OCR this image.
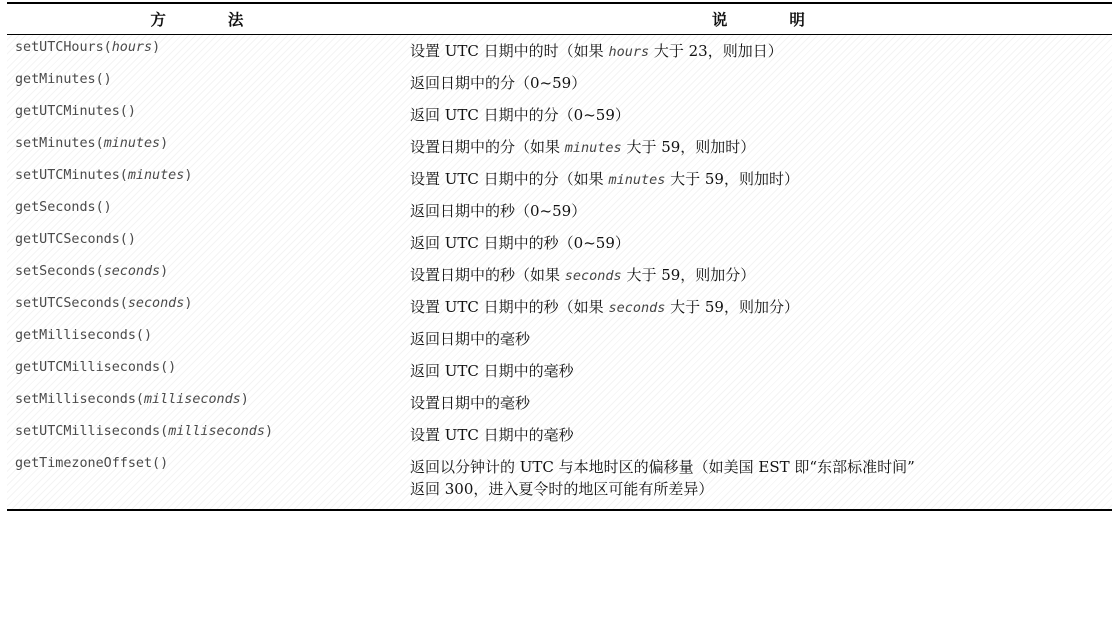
方　法	说　明
setUTCHours(hours)	设置 UTC 日期中的时（如果 hours 大于 23，则加日）
getMinutes()	返回日期中的分（0~59）
getUTCMinutes()	返回 UTC 日期中的分（0~59）
setMinutes(minutes)	设置日期中的分（如果 minutes 大于 59，则加时）
setUTCMinutes(minutes)	设置 UTC 日期中的分（如果 minutes 大于 59，则加时）
getSeconds()	返回日期中的秒（0~59）
getUTCSeconds()	返回 UTC 日期中的秒（0~59）
setSeconds(seconds)	设置日期中的秒（如果 seconds 大于 59，则加分）
setUTCSeconds(seconds)	设置 UTC 日期中的秒（如果 seconds 大于 59，则加分）
getMilliseconds()	返回日期中的毫秒
getUTCMilliseconds()	返回 UTC 日期中的毫秒
setMilliseconds(milliseconds)	设置日期中的毫秒
setUTCMilliseconds(milliseconds)	设置 UTC 日期中的毫秒
getTimezoneOffset()	返回以分钟计的 UTC 与本地时区的偏移量（如美国 EST 即“东部标准时间”
返回 300，进入夏令时的地区可能有所差异）
